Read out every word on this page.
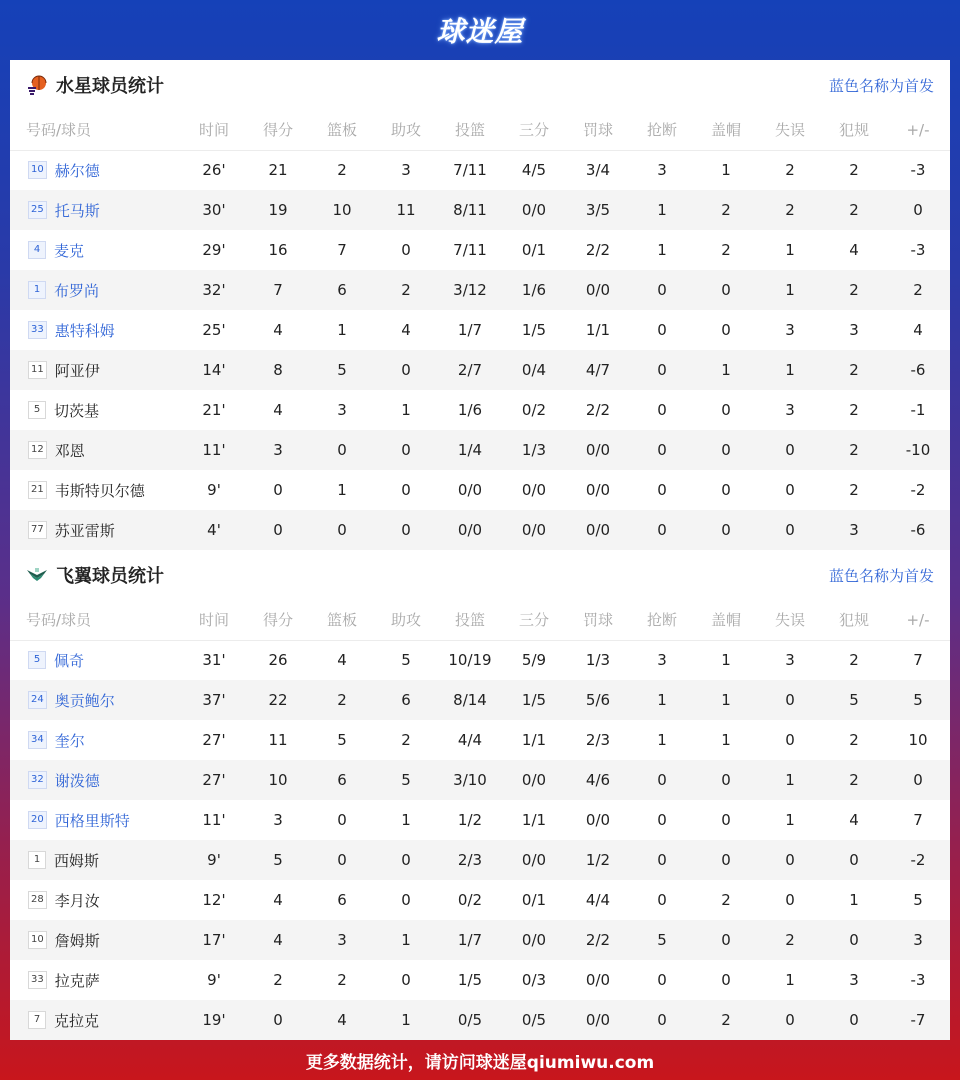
球迷屋
水星球员统计	蓝色名称为首发
号码/球员	时间	得分	篮板	助攻	投篮	三分	罚球	抢断	盖帽	失误	犯规	+/-
10 赫尔德	26'	21	2	3	7/11	4/5	3/4	3	1	2	2	-3
25 托马斯	30'	19	10	11	8/11	0/0	3/5	1	2	2	2	0
4 麦克	29'	16	7	0	7/11	0/1	2/2	1	2	1	4	-3
1 布罗尚	32'	7	6	2	3/12	1/6	0/0	0	0	1	2	2
33 惠特科姆	25'	4	1	4	1/7	1/5	1/1	0	0	3	3	4
11 阿亚伊	14'	8	5	0	2/7	0/4	4/7	0	1	1	2	-6
5 切茨基	21'	4	3	1	1/6	0/2	2/2	0	0	3	2	-1
12 邓恩	11'	3	0	0	1/4	1/3	0/0	0	0	0	2	-10
21 韦斯特贝尔德	9'	0	1	0	0/0	0/0	0/0	0	0	0	2	-2
77 苏亚雷斯	4'	0	0	0	0/0	0/0	0/0	0	0	0	3	-6
飞翼球员统计	蓝色名称为首发
号码/球员	时间	得分	篮板	助攻	投篮	三分	罚球	抢断	盖帽	失误	犯规	+/-
5 佩奇	31'	26	4	5	10/19	5/9	1/3	3	1	3	2	7
24 奥贡鲍尔	37'	22	2	6	8/14	1/5	5/6	1	1	0	5	5
34 奎尔	27'	11	5	2	4/4	1/1	2/3	1	1	0	2	10
32 谢泼德	27'	10	6	5	3/10	0/0	4/6	0	0	1	2	0
20 西格里斯特	11'	3	0	1	1/2	1/1	0/0	0	0	1	4	7
1 西姆斯	9'	5	0	0	2/3	0/0	1/2	0	0	0	0	-2
28 李月汝	12'	4	6	0	0/2	0/1	4/4	0	2	0	1	5
10 詹姆斯	17'	4	3	1	1/7	0/0	2/2	5	0	2	0	3
33 拉克萨	9'	2	2	0	1/5	0/3	0/0	0	0	1	3	-3
7 克拉克	19'	0	4	1	0/5	0/5	0/0	0	2	0	0	-7
更多数据统计，请访问球迷屋qiumiwu.com
